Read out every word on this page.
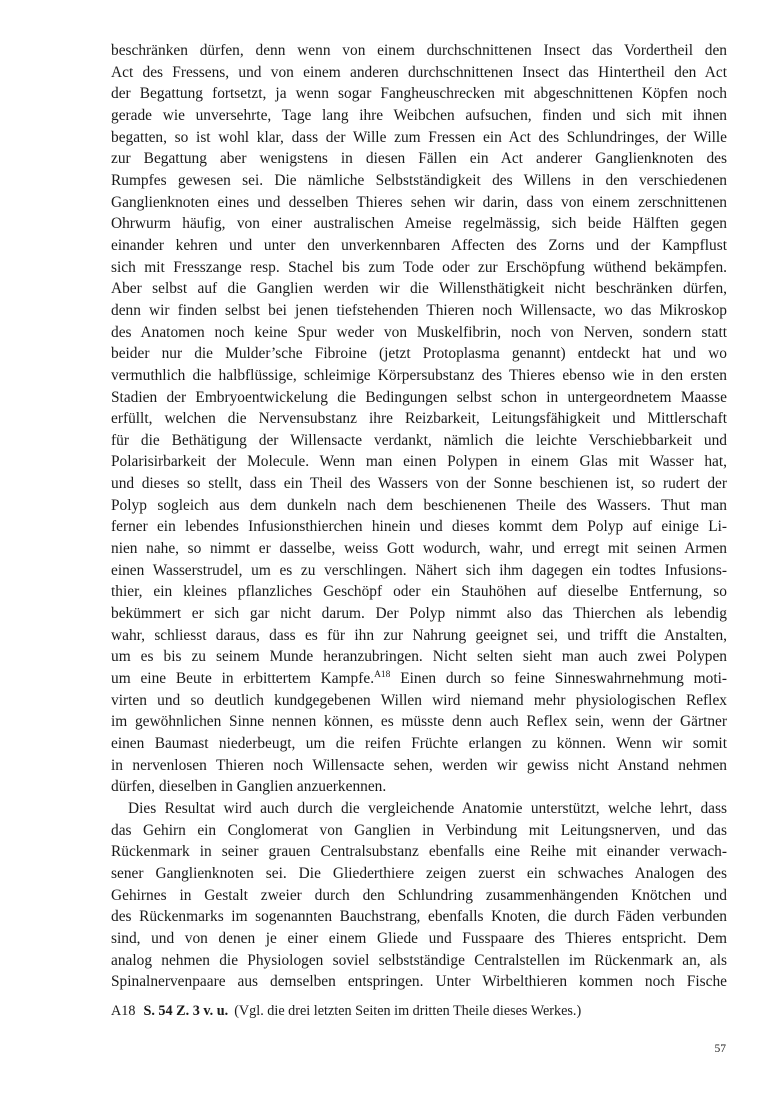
beschränken dürfen, denn wenn von einem durchschnittenen Insect das Vordertheil den
Act des Fressens, und von einem anderen durchschnittenen Insect das Hintertheil den Act
der Begattung fortsetzt, ja wenn sogar Fangheuschrecken mit abgeschnittenen Köpfen noch
gerade wie unversehrte, Tage lang ihre Weibchen aufsuchen, finden und sich mit ihnen
begatten, so ist wohl klar, dass der Wille zum Fressen ein Act des Schlundringes, der Wille
zur Begattung aber wenigstens in diesen Fällen ein Act anderer Ganglienknoten des
Rumpfes gewesen sei. Die nämliche Selbstständigkeit des Willens in den verschiedenen
Ganglienknoten eines und desselben Thieres sehen wir darin, dass von einem zerschnittenen
Ohrwurm häufig, von einer australischen Ameise regelmässig, sich beide Hälften gegen
einander kehren und unter den unverkennbaren Affecten des Zorns und der Kampflust
sich mit Fresszange resp. Stachel bis zum Tode oder zur Erschöpfung wüthend bekämpfen.
Aber selbst auf die Ganglien werden wir die Willensthätigkeit nicht beschränken dürfen,
denn wir finden selbst bei jenen tiefstehenden Thieren noch Willensacte, wo das Mikroskop
des Anatomen noch keine Spur weder von Muskelfibrin, noch von Nerven, sondern statt
beider nur die Mulder’sche Fibroine (jetzt Protoplasma genannt) entdeckt hat und wo
vermuthlich die halbflüssige, schleimige Körpersubstanz des Thieres ebenso wie in den ersten
Stadien der Embryoentwickelung die Bedingungen selbst schon in untergeordnetem Maasse
erfüllt, welchen die Nervensubstanz ihre Reizbarkeit, Leitungsfähigkeit und Mittlerschaft
für die Bethätigung der Willensacte verdankt, nämlich die leichte Verschiebbarkeit und
Polarisirbarkeit der Molecule. Wenn man einen Polypen in einem Glas mit Wasser hat,
und dieses so stellt, dass ein Theil des Wassers von der Sonne beschienen ist, so rudert der
Polyp sogleich aus dem dunkeln nach dem beschienenen Theile des Wassers. Thut man
ferner ein lebendes Infusionsthierchen hinein und dieses kommt dem Polyp auf einige Li-
nien nahe, so nimmt er dasselbe, weiss Gott wodurch, wahr, und erregt mit seinen Armen
einen Wasserstrudel, um es zu verschlingen. Nähert sich ihm dagegen ein todtes Infusions-
thier, ein kleines pflanzliches Geschöpf oder ein Stauhöhen auf dieselbe Entfernung, so
bekümmert er sich gar nicht darum. Der Polyp nimmt also das Thierchen als lebendig
wahr, schliesst daraus, dass es für ihn zur Nahrung geeignet sei, und trifft die Anstalten,
um es bis zu seinem Munde heranzubringen. Nicht selten sieht man auch zwei Polypen
um eine Beute in erbittertem Kampfe.$^{A18}$ Einen durch so feine Sinneswahrnehmung moti-
virten und so deutlich kundgegebenen Willen wird niemand mehr physiologischen Reflex
im gewöhnlichen Sinne nennen können, es müsste denn auch Reflex sein, wenn der Gärtner
einen Baumast niederbeugt, um die reifen Früchte erlangen zu können. Wenn wir somit
in nervenlosen Thieren noch Willensacte sehen, werden wir gewiss nicht Anstand nehmen
dürfen, dieselben in Ganglien anzuerkennen.
Dies Resultat wird auch durch die vergleichende Anatomie unterstützt, welche lehrt, dass
das Gehirn ein Conglomerat von Ganglien in Verbindung mit Leitungsnerven, und das
Rückenmark in seiner grauen Centralsubstanz ebenfalls eine Reihe mit einander verwach-
sener Ganglienknoten sei. Die Gliederthiere zeigen zuerst ein schwaches Analogen des
Gehirnes in Gestalt zweier durch den Schlundring zusammenhängenden Knötchen und
des Rückenmarks im sogenannten Bauchstrang, ebenfalls Knoten, die durch Fäden verbunden
sind, und von denen je einer einem Gliede und Fusspaare des Thieres entspricht. Dem
analog nehmen die Physiologen soviel selbstständige Centralstellen im Rückenmark an, als
Spinalnervenpaare aus demselben entspringen. Unter Wirbelthieren kommen noch Fische
A18 S. 54 Z. 3 v. u. (Vgl. die drei letzten Seiten im dritten Theile dieses Werkes.)
57
